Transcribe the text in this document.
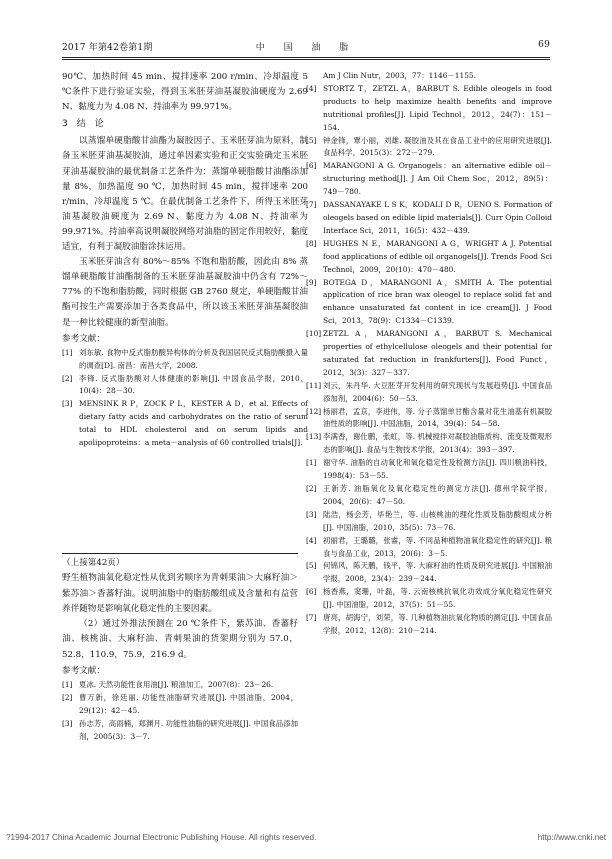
2017 年第42卷第1期	中 国 油 脂	69

90℃、加热时间 45 min、搅拌速率 200 r/min、冷却温度 5 ℃条件下进行验证实验，得到玉米胚芽油基凝胶油硬度为 2.69 N、黏度力为 4.08 N、持油率为 99.971%。

3　结　论

以蒸馏单硬脂酸甘油酯为凝胶因子、玉米胚芽油为原料，制备玉米胚芽油基凝胶油，通过单因素实验和正交实验确定玉米胚芽油基凝胶油的最优制备工艺条件为：蒸馏单硬脂酸甘油酯添加量 8%，加热温度 90 ℃，加热时间 45 min，搅拌速率 200 r/min，冷却温度 5 ℃。在最优制备工艺条件下，所得玉米胚芽油基凝胶油硬度为 2.69 N、黏度力为 4.08 N、持油率为 99.971%。持油率高说明凝胶网络对油脂的固定作用较好，黏度适宜，有利于凝胶油脂涂抹运用。

玉米胚芽油含有 80%～85% 不饱和脂肪酸，因此由 8% 蒸馏单硬脂酸甘油酯制备的玉米胚芽油基凝胶油中仍含有 72%～77% 的不饱和脂肪酸，同时根据 GB 2760 规定，单硬脂酸甘油酯可按生产需要添加于各类食品中，所以该玉米胚芽油基凝胶油是一种比较健康的新型油脂。

参考文献：

[1] 刘东敏. 食物中反式脂肪酸异构体的分析及我国居民反式脂肪酸摄入量的调查[D]. 南昌：南昌大学，2008.

[2] 李锋. 反式脂肪酸对人体健康的影响[J]. 中国食品学报，2010，10(4)：28－30.

[3] MENSINK R P，ZOCK P L，KESTER A D，et al. Effects of dietary fatty acids and carbohydrates on the ratio of serum total to HDL cholesterol and on serum lipids and apolipoproteins：a meta－analysis of 60 controlled trials[J].

（上接第42页）

野生植物油氧化稳定性从优到劣顺序为青刺果油＞大麻籽油＞紫苏油＞香蕃籽油。说明油脂中的脂肪酸组成及含量和有益营养伴随物是影响氧化稳定性的主要因素。

（2）通过外推法预测在 20 ℃条件下，紫苏油、香蕃籽油、核桃油、大麻籽油、青刺果油的货架期分别为 57.0，52.8，110.9，75.9，216.9 d。

参考文献：

[1] 夏冰. 天然功能性食用油[J]. 粮油加工，2007(8)：23－26.

[2] 曹万新，徐廷丽. 功能性油脂研究进展[J]. 中国油脂，2004，29(12)：42－45.

[3] 孙志芳，高雨楠，郑渊月. 功能性油脂的研究进展[J]. 中国食品添加剂，2005(3)：3－7.

Am J Clin Nutr，2003，77：1146－1155.

[4] STORTZ T，ZETZL A，BARBUT S. Edible oleogels in food products to help maximize health benefits and improve nutritional profiles[J]. Lipid Technol，2012，24(7)：151－154.

[5] 钟金锋，覃小丽，刘雄. 凝胶油及其在食品工业中的应用研究进展[J]. 食品科学，2015(3)：272－279.

[6] MARANGONI A G. Organogels：an alternative edible oil－structuring method[J]. J Am Oil Chem Soc，2012，89(5)：749－780.

[7] DASSANAYAKE L S K，KODALI D R，UENO S. Formation of oleogels based on edible lipid materials[J]. Curr Opin Colloid Interface Sci，2011，16(5)：432－439.

[8] HUGHES N E，MARANGONI A G，WRIGHT A J. Potential food applications of edible oil organogels[J]. Trends Food Sci Technol，2009，20(10)：470－480.

[9] BOTEGA D，MARANGONI A，SMITH A. The potential application of rice bran wax oleogel to replace solid fat and enhance unsaturated fat content in ice cream[J]. J Food Sci，2013，78(9)：C1334－C1339.

[10] ZETZL A，MARANGONI A，BARBUT S. Mechanical properties of ethylcellulose oleogels and their potential for saturated fat reduction in frankfurters[J]. Food Funct，2012，3(3)：327－337.

[11] 刘云，朱丹华. 大豆胚芽开发利用的研究现状与发展趋势[J]. 中国食品添加剂，2004(6)：50－53.

[12] 杨丽君，孟京，李进伟，等. 分子蒸馏单甘酯含量对花生油基有机凝胶油性质的影响[J]. 中国油脂，2014，39(4)：54－58.

[13] 李满香，谢仕鹏，张虹，等. 机械搅拌对凝胶油脂质构、流变及微观形态的影响[J]. 食品与生物技术学报，2013(4)：393－397.

[1] 谢守华. 油脂的自动氧化和氧化稳定性及检测方法[J]. 四川粮油科技，1998(4)：53－55.

[2] 王新芳. 油脂氧化及氧化稳定性的测定方法[J]. 德州学院学报，2004，20(6)：47－50.

[3] 陆浩，杨会芳，毕艳兰，等. 山核桃油的理化性质及脂肪酸组成分析[J]. 中国油脂，2010，35(5)：73－76.

[4] 初丽君，王璐璐，张睿，等. 不同品种植物油氧化稳定性的研究[J]. 粮食与食品工业，2013，20(6)：3－5.

[5] 何锦风，陈天鹏，钱平，等. 大麻籽油的性质及研究进展[J]. 中国粮油学报，2008，23(4)：239－244.

[6] 杨香燕，窦珊，叶磊，等. 云南核桃抗氧化功效成分氧化稳定性研究[J]. 中国油脂，2012，37(5)：51－55.

[7] 唐亮，胡海宁，刘荣，等. 几种植物油抗氧化物质的测定[J]. 中国食品学报，2012，12(8)：210－214.

?1994-2017 China Academic Journal Electronic Publishing House. All rights reserved.	http://www.cnki.net
